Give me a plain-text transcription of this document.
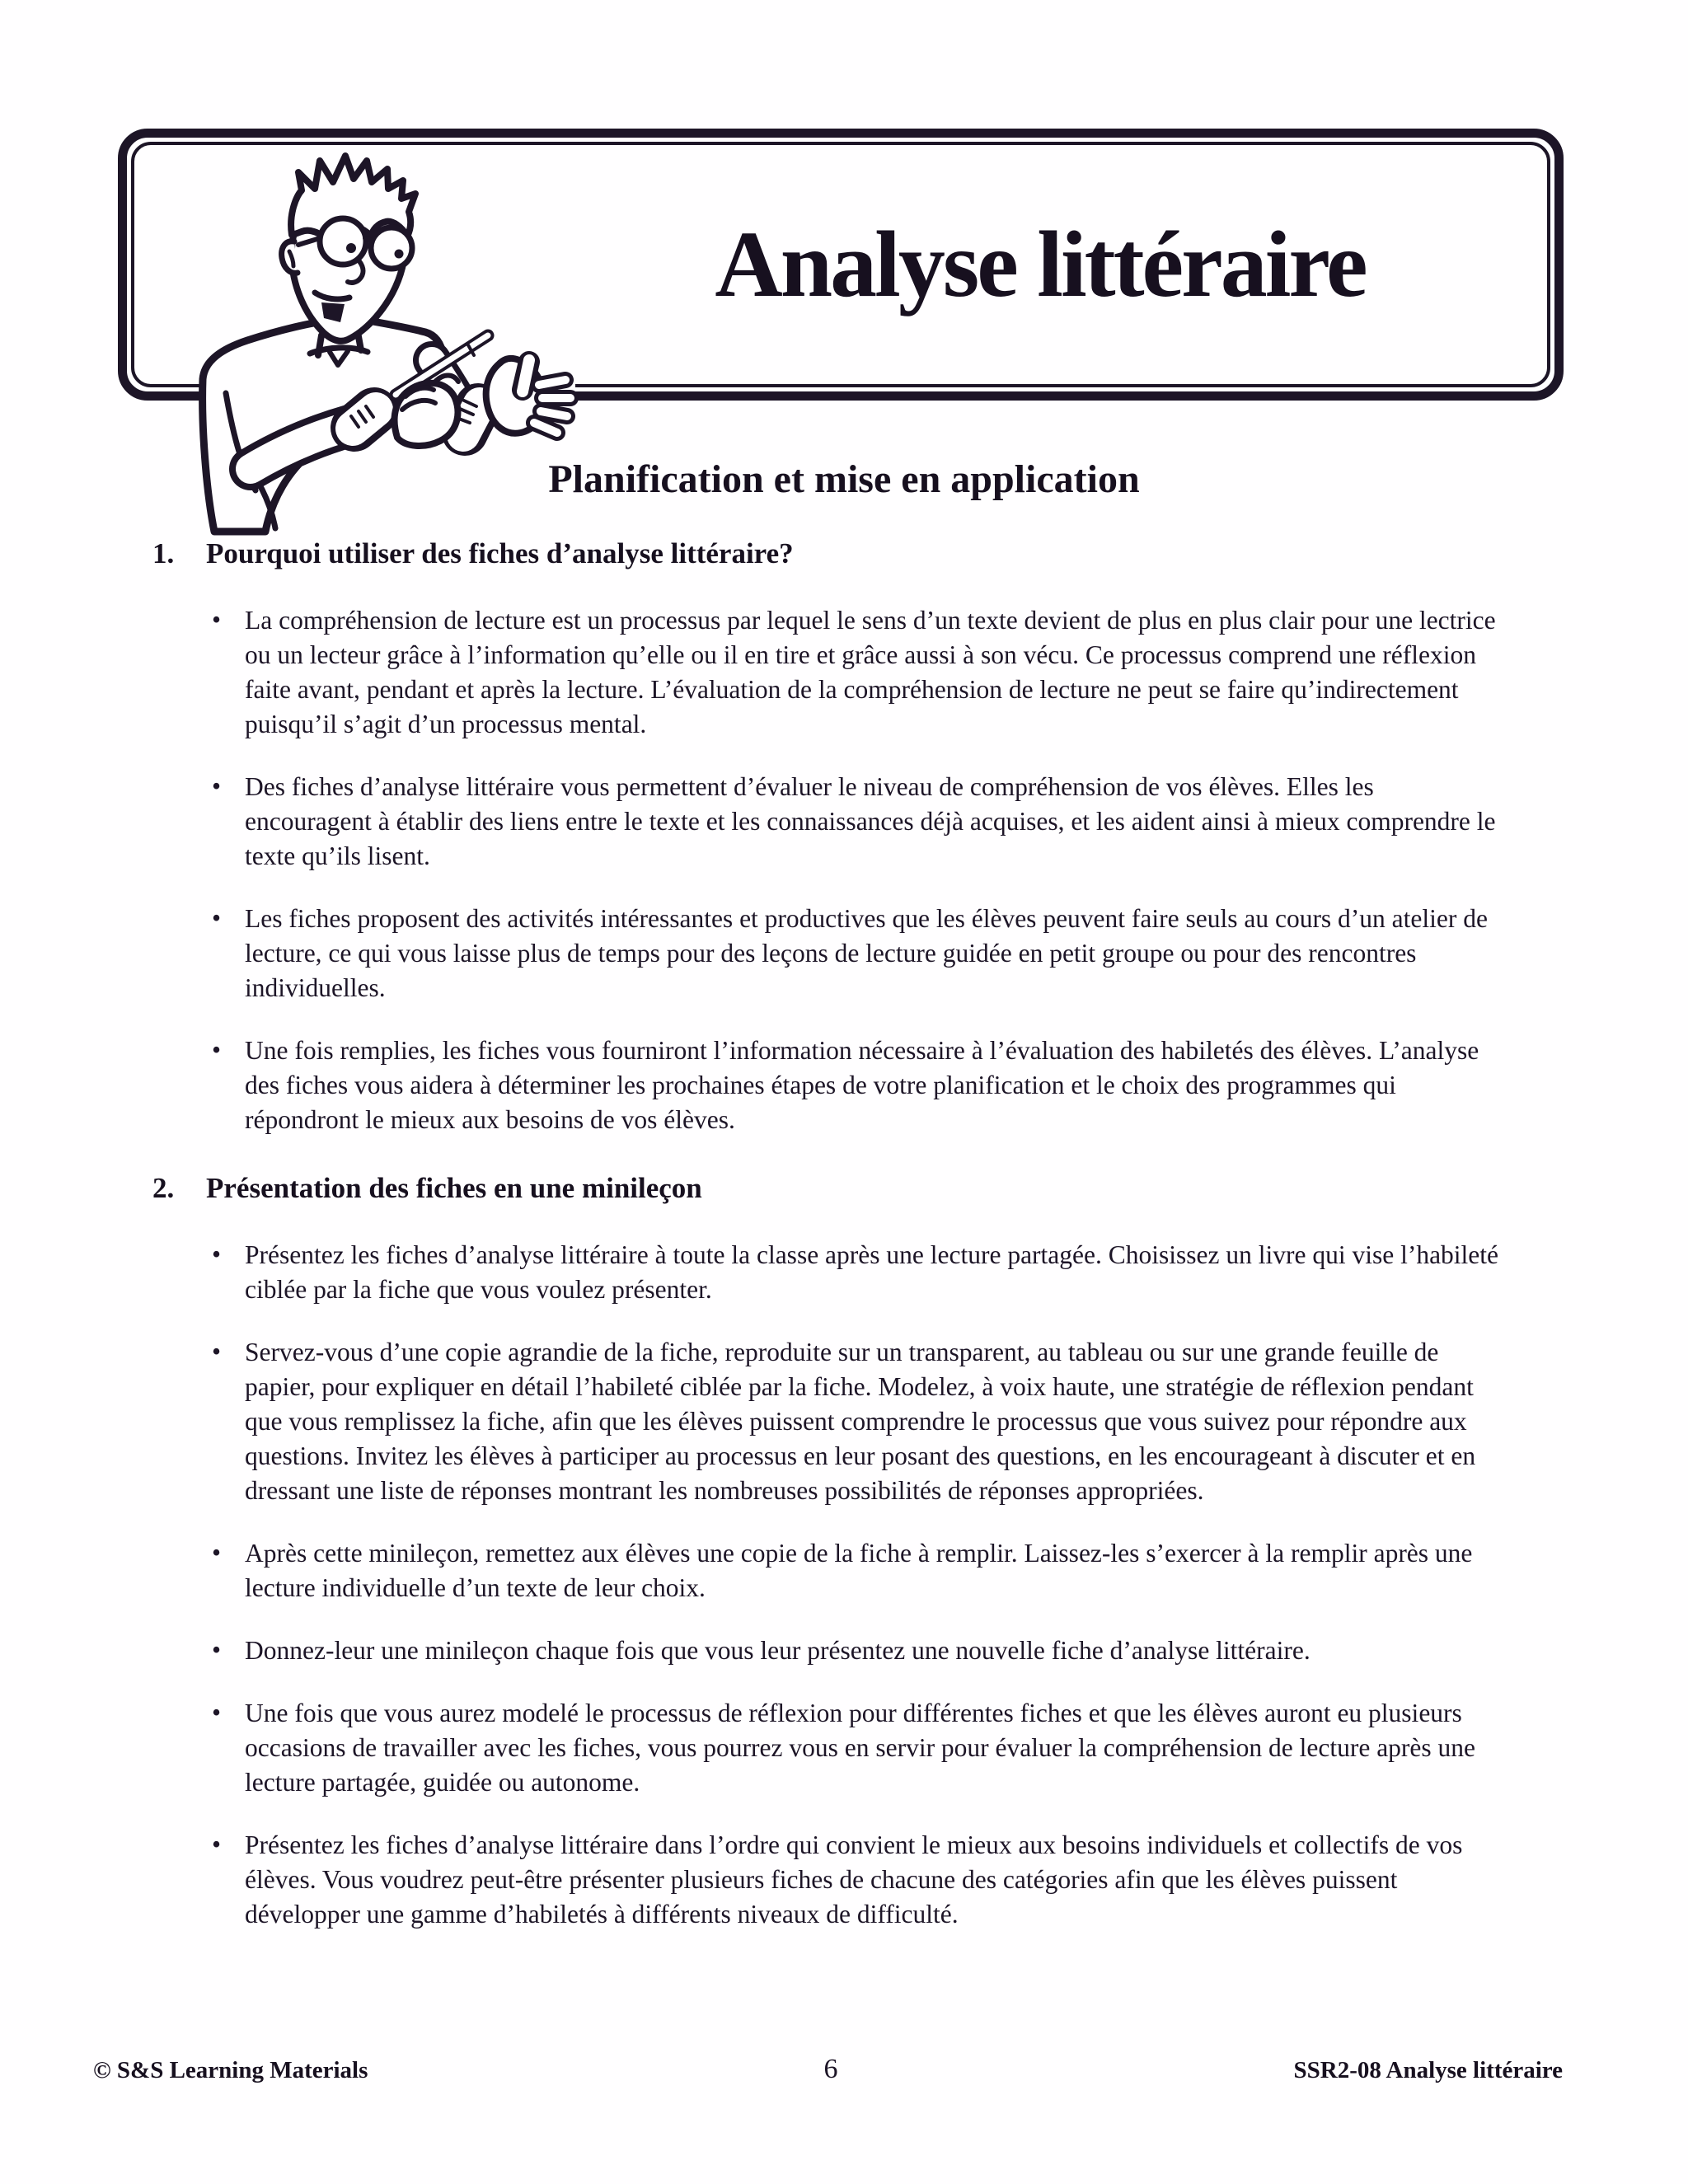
Analyse littéraire
Planification et mise en application
1.	Pourquoi utiliser des fiches d’analyse littéraire?
• La compréhension de lecture est un processus par lequel le sens d’un texte devient de plus en plus clair pour une lectrice ou un lecteur grâce à l’information qu’elle ou il en tire et grâce aussi à son vécu. Ce processus comprend une réflexion faite avant, pendant et après la lecture. L’évaluation de la compréhension de lecture ne peut se faire qu’indirectement puisqu’il s’agit d’un processus mental.
• Des fiches d’analyse littéraire vous permettent d’évaluer le niveau de compréhension de vos élèves. Elles les encouragent à établir des liens entre le texte et les connaissances déjà acquises, et les aident ainsi à mieux comprendre le texte qu’ils lisent.
• Les fiches proposent des activités intéressantes et productives que les élèves peuvent faire seuls au cours d’un atelier de lecture, ce qui vous laisse plus de temps pour des leçons de lecture guidée en petit groupe ou pour des rencontres individuelles.
• Une fois remplies, les fiches vous fourniront l’information nécessaire à l’évaluation des habiletés des élèves. L’analyse des fiches vous aidera à déterminer les prochaines étapes de votre planification et le choix des programmes qui répondront le mieux aux besoins de vos élèves.
2.	Présentation des fiches en une minileçon
• Présentez les fiches d’analyse littéraire à toute la classe après une lecture partagée. Choisissez un livre qui vise l’habileté ciblée par la fiche que vous voulez présenter.
• Servez-vous d’une copie agrandie de la fiche, reproduite sur un transparent, au tableau ou sur une grande feuille de papier, pour expliquer en détail l’habileté ciblée par la fiche. Modelez, à voix haute, une stratégie de réflexion pendant que vous remplissez la fiche, afin que les élèves puissent comprendre le processus que vous suivez pour répondre aux questions. Invitez les élèves à participer au processus en leur posant des questions, en les encourageant à discuter et en dressant une liste de réponses montrant les nombreuses possibilités de réponses appropriées.
• Après cette minileçon, remettez aux élèves une copie de la fiche à remplir. Laissez-les s’exercer à la remplir après une lecture individuelle d’un texte de leur choix.
• Donnez-leur une minileçon chaque fois que vous leur présentez une nouvelle fiche d’analyse littéraire.
• Une fois que vous aurez modelé le processus de réflexion pour différentes fiches et que les élèves auront eu plusieurs occasions de travailler avec les fiches, vous pourrez vous en servir pour évaluer la compréhension de lecture après une lecture partagée, guidée ou autonome.
• Présentez les fiches d’analyse littéraire dans l’ordre qui convient le mieux aux besoins individuels et collectifs de vos élèves. Vous voudrez peut-être présenter plusieurs fiches de chacune des catégories afin que les élèves puissent développer une gamme d’habiletés à différents niveaux de difficulté.
© S&S Learning Materials	6	SSR2-08 Analyse littéraire
